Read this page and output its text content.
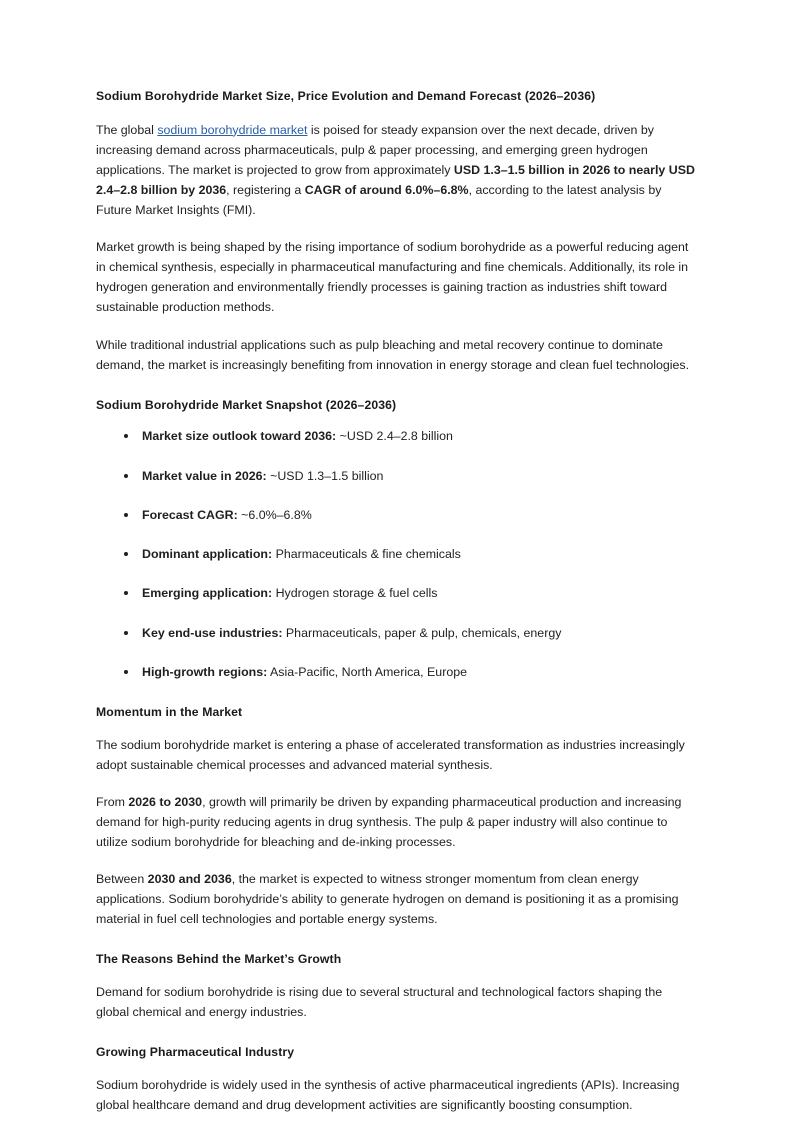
Sodium Borohydride Market Size, Price Evolution and Demand Forecast (2026–2036)

The global sodium borohydride market is poised for steady expansion over the next decade, driven by increasing demand across pharmaceuticals, pulp & paper processing, and emerging green hydrogen applications. The market is projected to grow from approximately USD 1.3–1.5 billion in 2026 to nearly USD 2.4–2.8 billion by 2036, registering a CAGR of around 6.0%–6.8%, according to the latest analysis by Future Market Insights (FMI).

Market growth is being shaped by the rising importance of sodium borohydride as a powerful reducing agent in chemical synthesis, especially in pharmaceutical manufacturing and fine chemicals. Additionally, its role in hydrogen generation and environmentally friendly processes is gaining traction as industries shift toward sustainable production methods.

While traditional industrial applications such as pulp bleaching and metal recovery continue to dominate demand, the market is increasingly benefiting from innovation in energy storage and clean fuel technologies.

Sodium Borohydride Market Snapshot (2026–2036)
Market size outlook toward 2036: ~USD 2.4–2.8 billion
Market value in 2026: ~USD 1.3–1.5 billion
Forecast CAGR: ~6.0%–6.8%
Dominant application: Pharmaceuticals & fine chemicals
Emerging application: Hydrogen storage & fuel cells
Key end-use industries: Pharmaceuticals, paper & pulp, chemicals, energy
High-growth regions: Asia-Pacific, North America, Europe
Momentum in the Market

The sodium borohydride market is entering a phase of accelerated transformation as industries increasingly adopt sustainable chemical processes and advanced material synthesis.

From 2026 to 2030, growth will primarily be driven by expanding pharmaceutical production and increasing demand for high-purity reducing agents in drug synthesis. The pulp & paper industry will also continue to utilize sodium borohydride for bleaching and de-inking processes.

Between 2030 and 2036, the market is expected to witness stronger momentum from clean energy applications. Sodium borohydride’s ability to generate hydrogen on demand is positioning it as a promising material in fuel cell technologies and portable energy systems.

The Reasons Behind the Market’s Growth

Demand for sodium borohydride is rising due to several structural and technological factors shaping the global chemical and energy industries.

Growing Pharmaceutical Industry

Sodium borohydride is widely used in the synthesis of active pharmaceutical ingredients (APIs). Increasing global healthcare demand and drug development activities are significantly boosting consumption.
